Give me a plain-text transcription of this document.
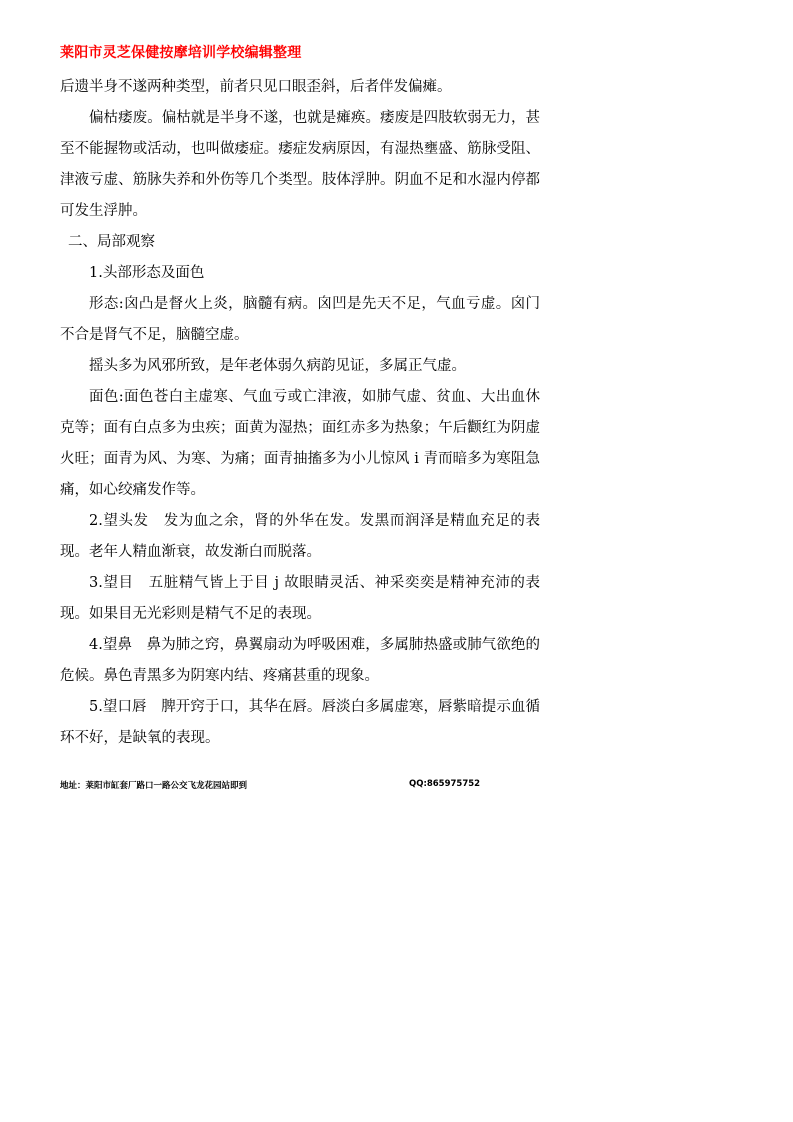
莱阳市灵芝保健按摩培训学校编辑整理

后遗半身不遂两种类型，前者只见口眼歪斜，后者伴发偏瘫。

偏枯痿废。偏枯就是半身不遂，也就是瘫痪。痿废是四肢软弱无力，甚至不能握物或活动，也叫做痿症。痿症发病原因，有湿热壅盛、筋脉受阻、津液亏虚、筋脉失养和外伤等几个类型。肢体浮肿。阴血不足和水湿内停都可发生浮肿。

二、局部观察

1.头部形态及面色

形态:囟凸是督火上炎，脑髓有病。囟凹是先天不足，气血亏虚。囟门不合是肾气不足，脑髓空虚。

摇头多为风邪所致，是年老体弱久病韵见证，多属正气虚。

面色:面色苍白主虚寒、气血亏或亡津液，如肺气虚、贫血、大出血休克等；面有白点多为虫疾；面黄为湿热；面红赤多为热象；午后颧红为阴虚火旺；面青为风、为寒、为痛；面青抽搐多为小儿惊风 i 青而暗多为寒阻急痛，如心绞痛发作等。

2.望头发　发为血之余，肾的外华在发。发黑而润泽是精血充足的表现。老年人精血渐衰，故发渐白而脱落。

3.望目　五脏精气皆上于目 j 故眼睛灵活、神采奕奕是精神充沛的表现。如果目无光彩则是精气不足的表现。

4.望鼻　鼻为肺之窍，鼻翼扇动为呼吸困难，多属肺热盛或肺气欲绝的危候。鼻色青黑多为阴寒内结、疼痛甚重的现象。

5.望口唇　脾开窍于口，其华在唇。唇淡白多属虚寒，唇紫暗提示血循环不好，是缺氧的表现。

地址：莱阳市缸套厂路口一路公交飞龙花园站即到	QQ:865975752
